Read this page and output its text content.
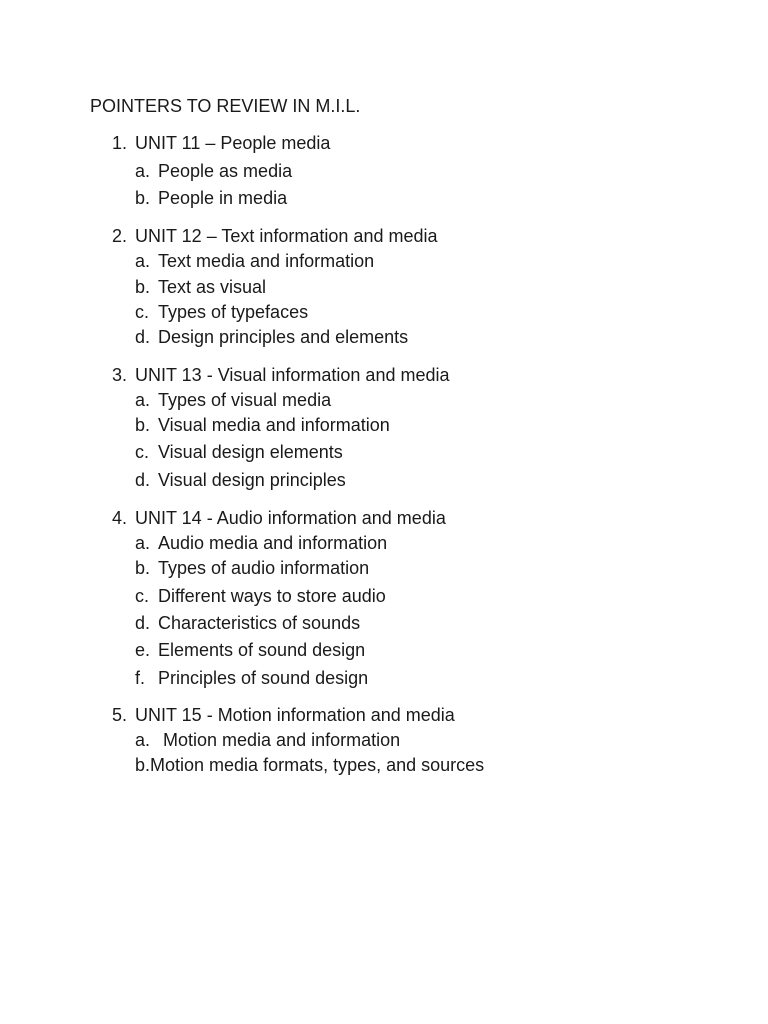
POINTERS TO REVIEW IN M.I.L.
1. UNIT 11 – People media
a. People as media
b. People in media
2. UNIT 12 – Text information and media
a. Text media and information
b. Text as visual
c. Types of typefaces
d. Design principles and elements
3. UNIT 13 - Visual information and media
a. Types of visual media
b. Visual media and information
c. Visual design elements
d. Visual design principles
4. UNIT 14 - Audio information and media
a. Audio media and information
b. Types of audio information
c. Different ways to store audio
d. Characteristics of sounds
e. Elements of sound design
f. Principles of sound design
5. UNIT 15 - Motion information and media
a. Motion media and information
b.Motion media formats, types, and sources
